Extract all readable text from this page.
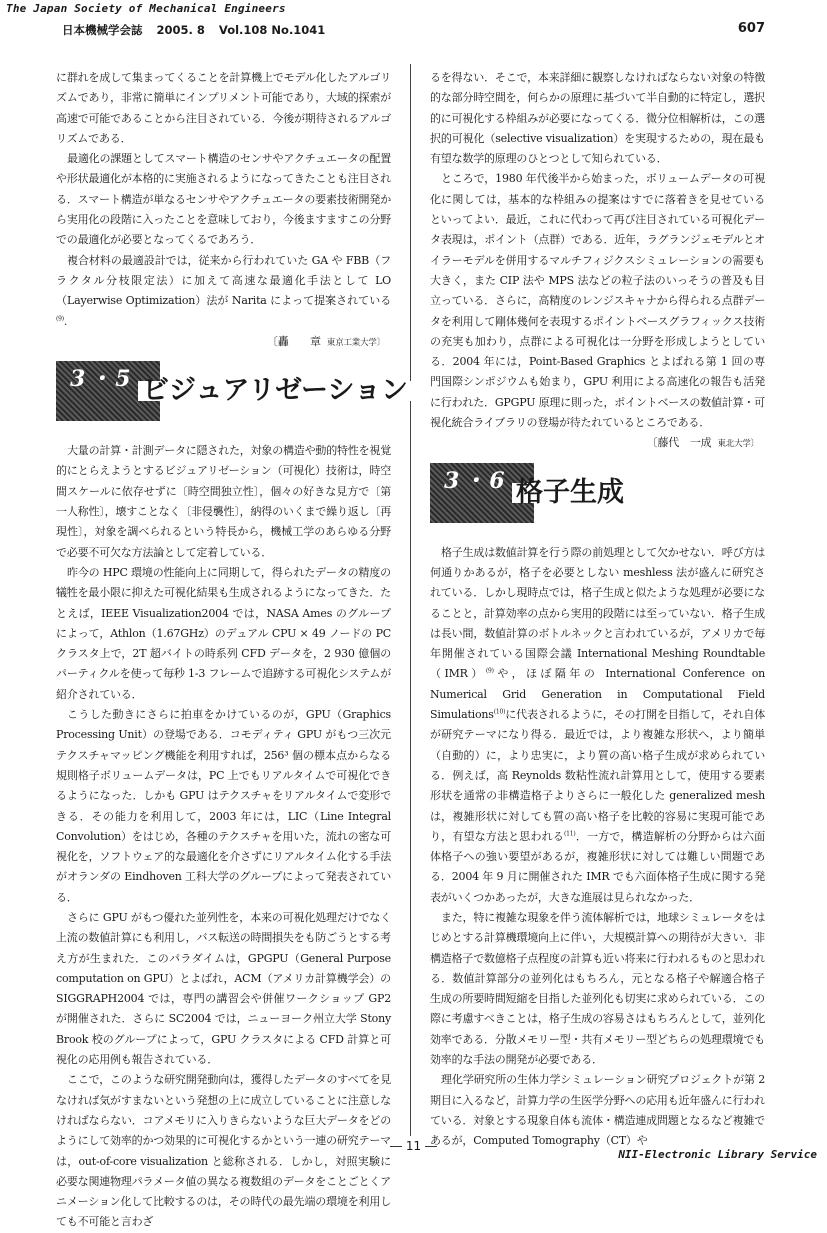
The Japan Society of Mechanical Engineers
日本機械学会誌 2005. 8 Vol.108 No.1041	607

に群れを成して集まってくることを計算機上でモデル化したアルゴリズムであり，非常に簡単にインプリメント可能であり，大域的探索が高速で可能であることから注目されている．今後が期待されるアルゴリズムである．

最適化の課題としてスマート構造のセンサやアクチュエータの配置や形状最適化が本格的に実施されるようになってきたことも注目される．スマート構造が単なるセンサやアクチュエータの要素技術開発から実用化の段階に入ったことを意味しており，今後ますますこの分野での最適化が必要となってくるであろう．

複合材料の最適設計では，従来から行われていた GA や FBB（フラクタル分枝限定法）に加えて高速な最適化手法として LO（Layerwise Optimization）法が Narita によって提案されている$^{(9)}$.

〔轟　　章 東京工業大学〕

3・5 ビジュアリゼーション

大量の計算・計測データに隠された，対象の構造や動的特性を視覚的にとらえようとするビジュアリゼーション（可視化）技術は，時空間スケールに依存せずに〔時空間独立性〕，個々の好きな見方で〔第一人称性〕，壊すことなく〔非侵襲性〕，納得のいくまで繰り返し〔再現性〕，対象を調べられるという特長から，機械工学のあらゆる分野で必要不可欠な方法論として定着している．

昨今の HPC 環境の性能向上に同期して，得られたデータの精度の犠牲を最小限に抑えた可視化結果も生成されるようになってきた．たとえば，IEEE Visualization2004 では，NASA Ames のグループによって，Athlon（1.67GHz）のデュアル CPU × 49 ノードの PC クラスタ上で，2T 超バイトの時系列 CFD データを，2 930 億個のパーティクルを使って毎秒 1-3 フレームで追跡する可視化システムが紹介されている．

こうした動きにさらに拍車をかけているのが，GPU（Graphics Processing Unit）の登場である．コモディティ GPU がもつ三次元テクスチャマッピング機能を利用すれば，256³ 個の標本点からなる規則格子ボリュームデータは，PC 上でもリアルタイムで可視化できるようになった．しかも GPU はテクスチャをリアルタイムで変形できる．その能力を利用して，2003 年には，LIC（Line Integral Convolution）をはじめ，各種のテクスチャを用いた，流れの密な可視化を，ソフトウェア的な最適化を介さずにリアルタイム化する手法がオランダの Eindhoven 工科大学のグループによって発表されている．

さらに GPU がもつ優れた並列性を，本来の可視化処理だけでなく上流の数値計算にも利用し，バス転送の時間損失をも防ごうとする考え方が生まれた．このパラダイムは，GPGPU（General Purpose computation on GPU）とよばれ，ACM（アメリカ計算機学会）の SIGGRAPH2004 では，専門の講習会や併催ワークショップ GP2 が開催された．さらに SC2004 では，ニューヨーク州立大学 Stony Brook 校のグループによって，GPU クラスタによる CFD 計算と可視化の応用例も報告されている．

ここで，このような研究開発動向は，獲得したデータのすべてを見なければ気がすまないという発想の上に成立していることに注意しなければならない．コアメモリに入りきらないような巨大データをどのようにして効率的かつ効果的に可視化するかという一連の研究テーマは，out-of-core visualization と総称される．しかし，対照実験に必要な関連物理パラメータ値の異なる複数組のデータをことごとくアニメーション化して比較するのは，その時代の最先端の環境を利用しても不可能と言わざ

るを得ない．そこで，本来詳細に観察しなければならない対象の特徴的な部分時空間を，何らかの原理に基づいて半自動的に特定し，選択的に可視化する枠組みが必要になってくる．微分位相解析は，この選択的可視化（selective visualization）を実現するための，現在最も有望な数学的原理のひとつとして知られている．

ところで，1980 年代後半から始まった，ボリュームデータの可視化に関しては，基本的な枠組みの提案はすでに落着きを見せているといってよい．最近，これに代わって再び注目されている可視化データ表現は，ポイント（点群）である．近年，ラグランジェモデルとオイラーモデルを併用するマルチフィジクスシミュレーションの需要も大きく，また CIP 法や MPS 法などの粒子法のいっそうの普及も目立っている．さらに，高精度のレンジスキャナから得られる点群データを利用して剛体幾何を表現するポイントベースグラフィックス技術の充実も加わり，点群による可視化は一分野を形成しようとしている．2004 年には，Point-Based Graphics とよばれる第 1 回の専門国際シンポジウムも始まり，GPU 利用による高速化の報告も活発に行われた．GPGPU 原理に則った，ポイントベースの数値計算・可視化統合ライブラリの登場が待たれているところである．

〔藤代　一成 東北大学〕

3・6 格子生成

格子生成は数値計算を行う際の前処理として欠かせない．呼び方は何通りかあるが，格子を必要としない meshless 法が盛んに研究されている．しかし現時点では，格子生成と似たような処理が必要になることと，計算効率の点から実用的段階には至っていない．格子生成は長い間，数値計算のボトルネックと言われているが，アメリカで毎年開催されている国際会議 International Meshing Roundtable（IMR）$^{(9)}$や，ほぼ隔年の International Conference on Numerical Grid Generation in Computational Field Simulations$^{(10)}$に代表されるように，その打開を目指して，それ自体が研究テーマになり得る．最近では，より複雑な形状へ，より簡単（自動的）に，より忠実に，より質の高い格子生成が求められている．例えば，高 Reynolds 数粘性流れ計算用として，使用する要素形状を通常の非構造格子よりさらに一般化した generalized mesh は，複雑形状に対しても質の高い格子を比較的容易に実現可能であり，有望な方法と思われる$^{(11)}$．一方で，構造解析の分野からは六面体格子への強い要望があるが，複雑形状に対しては難しい問題である．2004 年 9 月に開催された IMR でも六面体格子生成に関する発表がいくつかあったが，大きな進展は見られなかった．

また，特に複雑な現象を伴う流体解析では，地球シミュレータをはじめとする計算機環境向上に伴い，大規模計算への期待が大きい．非構造格子で数億格子点程度の計算も近い将来に行われるものと思われる．数値計算部分の並列化はもちろん，元となる格子や解適合格子生成の所要時間短縮を目指した並列化も切実に求められている．この際に考慮すべきことは，格子生成の容易さはもちろんとして，並列化効率である．分散メモリー型・共有メモリー型どちらの処理環境でも効率的な手法の開発が必要である．

理化学研究所の生体力学シミュレーション研究プロジェクトが第 2 期目に入るなど，計算力学の生医学分野への応用も近年盛んに行われている．対象とする現象自体も流体・構造連成問題となるなど複雑であるが，Computed Tomography（CT）や

― 11 ―
NII-Electronic Library Service
